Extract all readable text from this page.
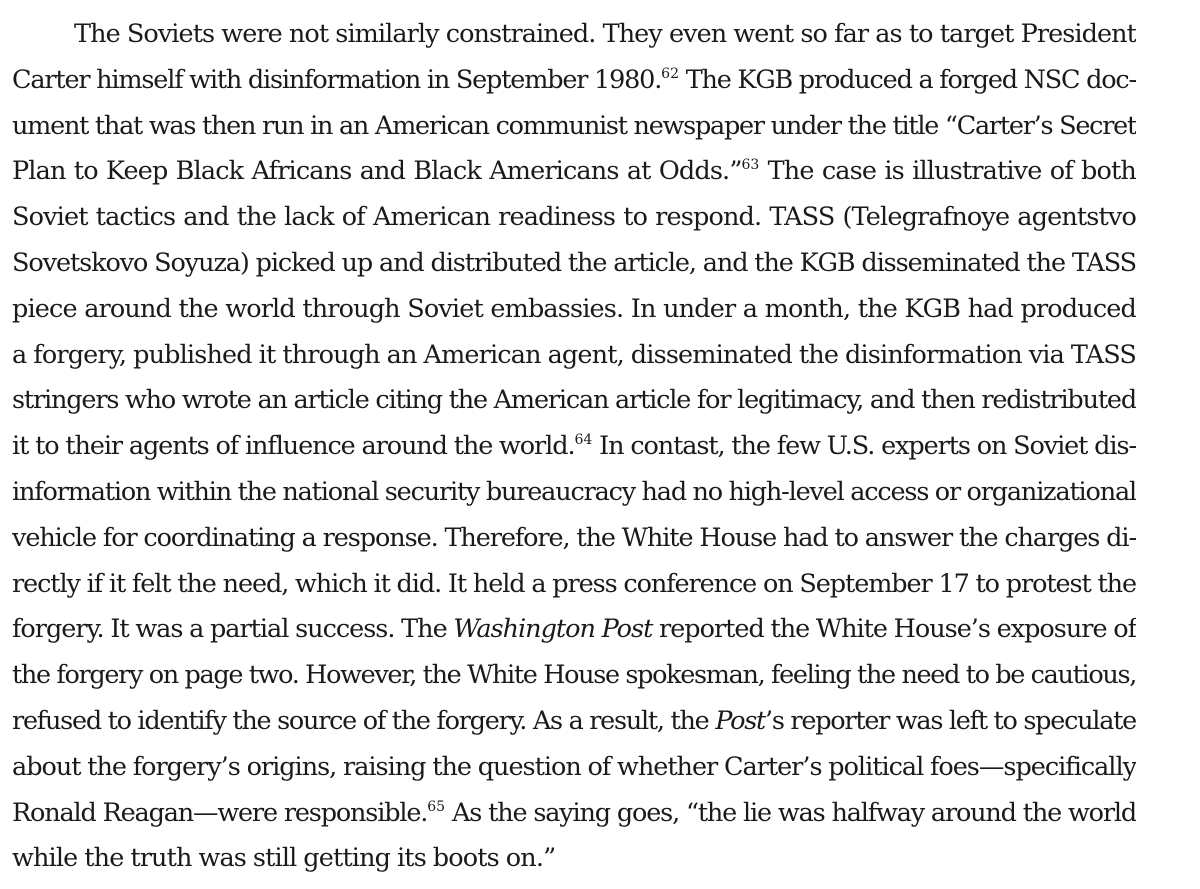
The Soviets were not similarly constrained. They even went so far as to target President
Carter himself with disinformation in September 1980.62 The KGB produced a forged NSC doc-
ument that was then run in an American communist newspaper under the title “Carter’s Secret
Plan to Keep Black Africans and Black Americans at Odds.”$^{63}$ The case is illustrative of both
Soviet tactics and the lack of American readiness to respond. TASS (Telegrafnoye agentstvo
Sovetskovo Soyuza) picked up and distributed the article, and the KGB disseminated the TASS
piece around the world through Soviet embassies. In under a month, the KGB had produced
a forgery, published it through an American agent, disseminated the disinformation via TASS
stringers who wrote an article citing the American article for legitimacy, and then redistributed
it to their agents of influence around the world.$^{64}$ In contast, the few U.S. experts on Soviet dis-
information within the national security bureaucracy had no high-level access or organizational
vehicle for coordinating a response. Therefore, the White House had to answer the charges di-
rectly if it felt the need, which it did. It held a press conference on September 17 to protest the
forgery. It was a partial success. The Washington Post reported the White House’s exposure of
the forgery on page two. However, the White House spokesman, feeling the need to be cautious,
refused to identify the source of the forgery. As a result, the Post’s reporter was left to speculate
about the forgery’s origins, raising the question of whether Carter’s political foes—specifically
Ronald Reagan—were responsible.$^{65}$ As the saying goes, “the lie was halfway around the world
while the truth was still getting its boots on.”
